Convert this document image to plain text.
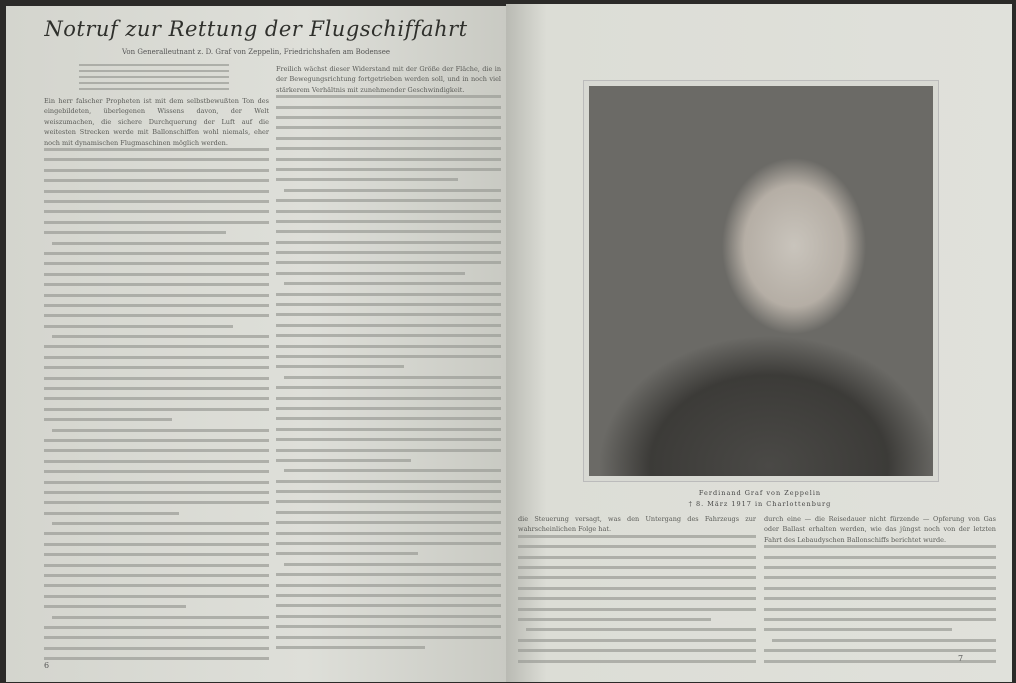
Notruf zur Rettung der Flugschiffahrt
Von Generalleutnant z. D. Graf von Zeppelin, Friedrichshafen am Bodensee
Ein herr falscher Propheten ist mit dem selbstbewußten Ton des eingebildeten, überlegenen Wissens davon, der Welt weiszumachen, die sichere Durchquerung der Luft auf die weitesten Strecken werde mit Ballonschiffen wohl niemals, eher noch mit dynamischen Flugmaschinen möglich werden.
Freilich wächst dieser Widerstand mit der Größe der Fläche, die in der Bewegungsrichtung fortgetrieben werden soll, und in noch viel stärkerem Verhältnis mit zunehmender Geschwindigkeit.
6
Ferdinand Graf von Zeppelin
† 8. März 1917 in Charlottenburg
die Steuerung versagt, was den Untergang des Fahrzeugs zur wahrscheinlichen Folge hat.
durch eine — die Reisedauer nicht fürzende — Opferung von Gas oder Ballast erhalten werden, wie das jüngst noch von der letzten Fahrt des Lebaudyschen Ballonschiffs berichtet wurde.
7
